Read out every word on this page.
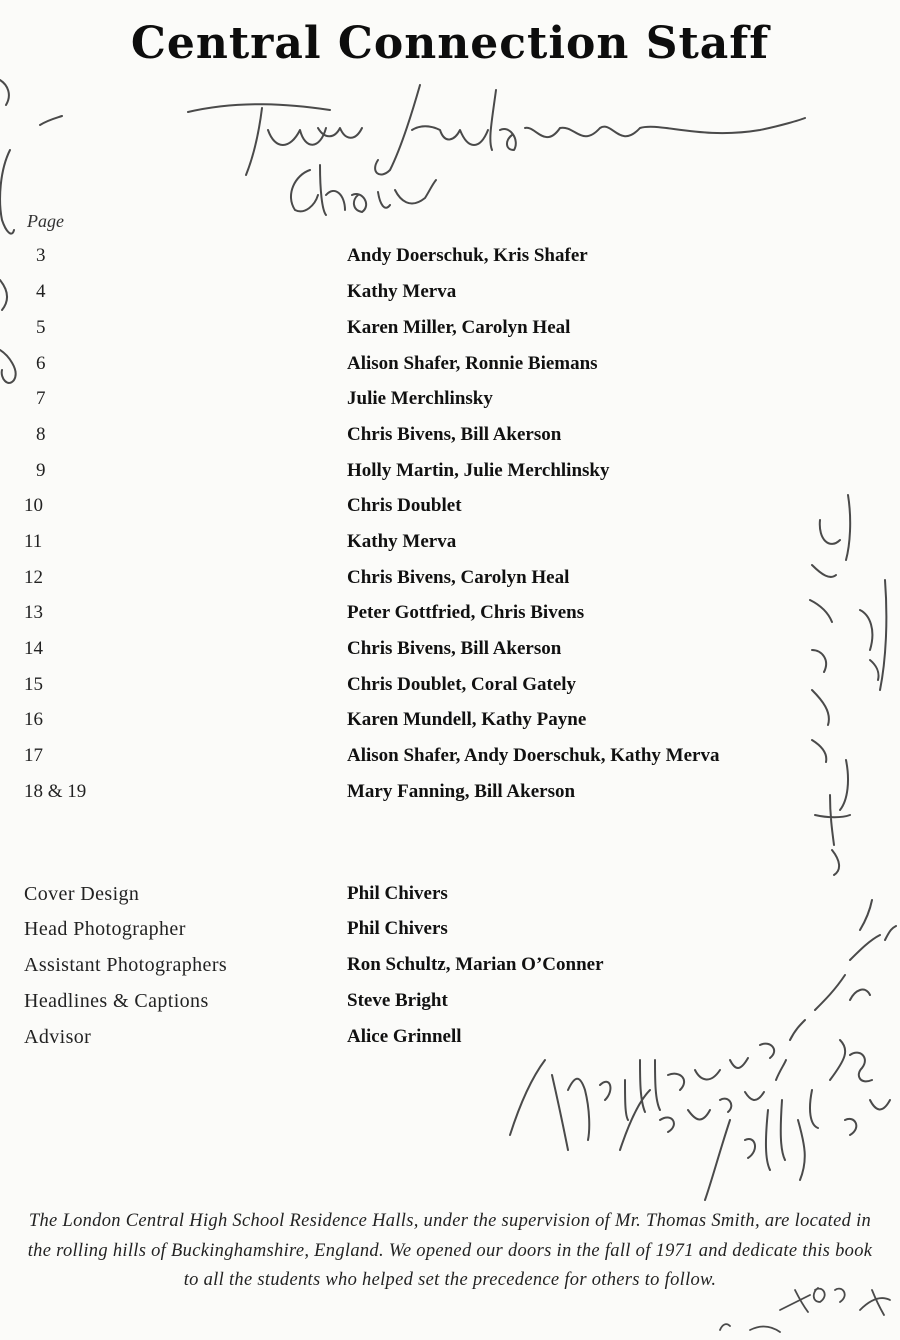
Central Connection Staff
Page
3	Andy Doerschuk, Kris Shafer
4	Kathy Merva
5	Karen Miller, Carolyn Heal
6	Alison Shafer, Ronnie Biemans
7	Julie Merchlinsky
8	Chris Bivens, Bill Akerson
9	Holly Martin, Julie Merchlinsky
10	Chris Doublet
11	Kathy Merva
12	Chris Bivens, Carolyn Heal
13	Peter Gottfried, Chris Bivens
14	Chris Bivens, Bill Akerson
15	Chris Doublet, Coral Gately
16	Karen Mundell, Kathy Payne
17	Alison Shafer, Andy Doerschuk, Kathy Merva
18 & 19	Mary Fanning, Bill Akerson
Cover Design	Phil Chivers
Head Photographer	Phil Chivers
Assistant Photographers	Ron Schultz, Marian O’Conner
Headlines & Captions	Steve Bright
Advisor	Alice Grinnell
The London Central High School Residence Halls, under the supervision of Mr. Thomas Smith, are located in the rolling hills of Buckinghamshire, England. We opened our doors in the fall of 1971 and dedicate this book to all the students who helped set the precedence for others to follow.
